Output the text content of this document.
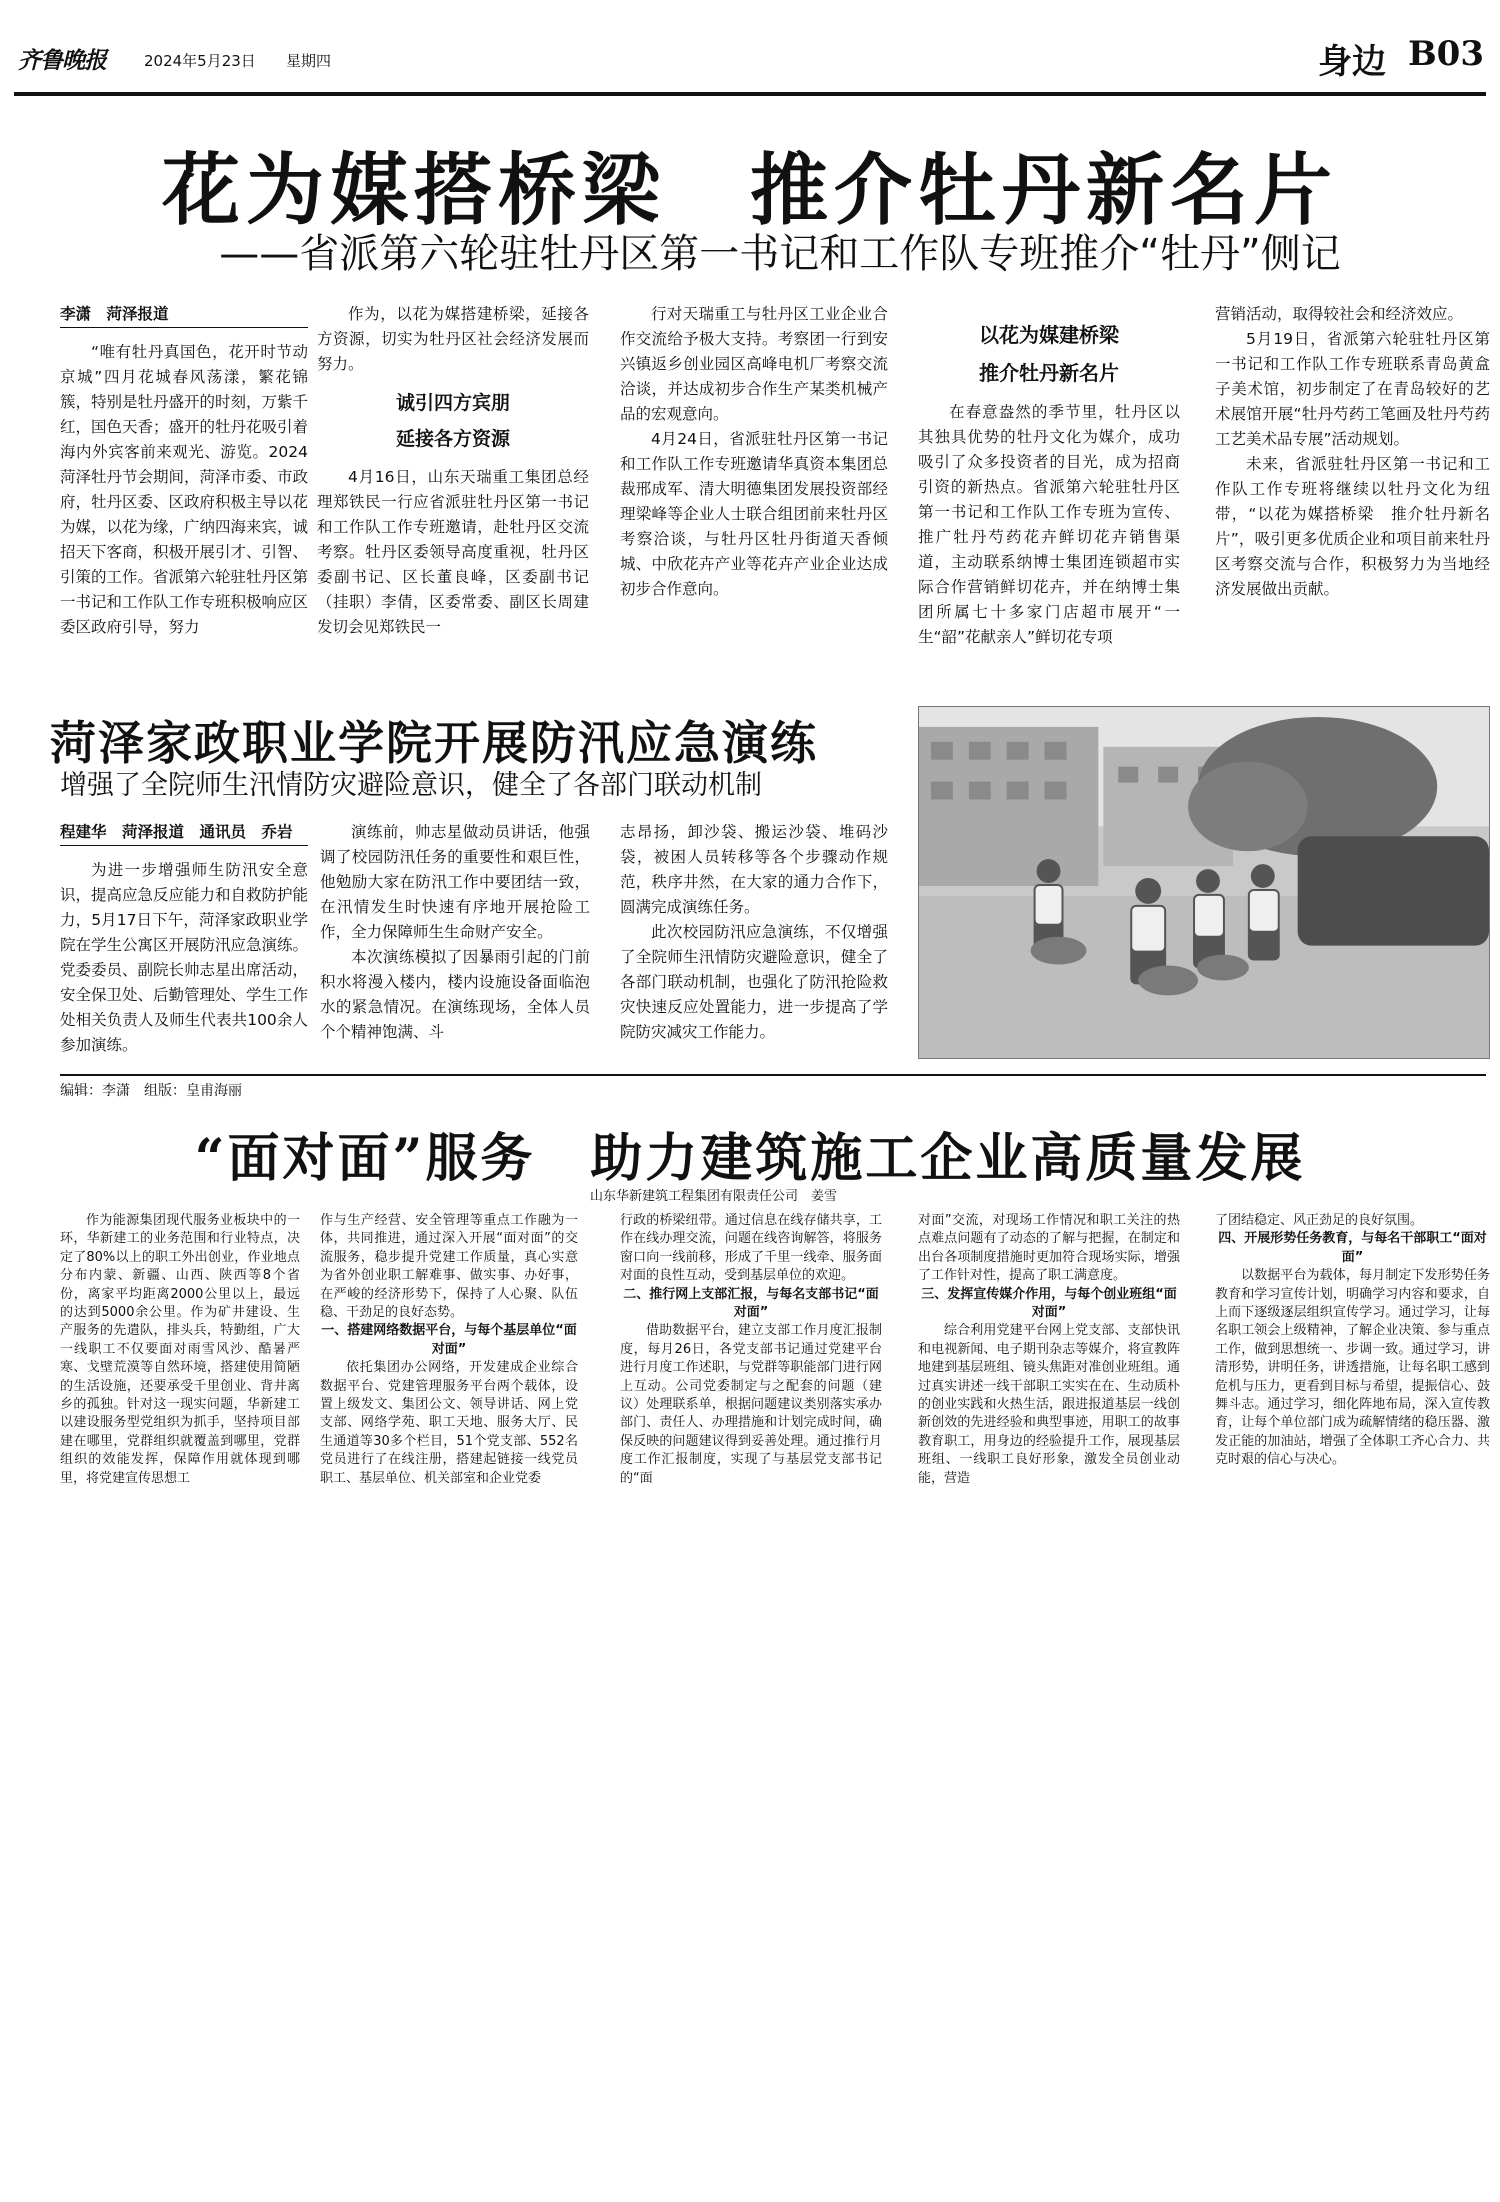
齐鲁晚报	2024年5月23日 星期四	身边 B03
花为媒搭桥梁　推介牡丹新名片
——省派第六轮驻牡丹区第一书记和工作队专班推介“牡丹”侧记

李潇　菏泽报道

“唯有牡丹真国色，花开时节动京城”四月花城春风荡漾，繁花锦簇，特别是牡丹盛开的时刻，万紫千红，国色天香；盛开的牡丹花吸引着海内外宾客前来观光、游览。2024菏泽牡丹节会期间，菏泽市委、市政府，牡丹区委、区政府积极主导以花为媒，以花为缘，广纳四海来宾，诚招天下客商，积极开展引才、引智、引策的工作。省派第六轮驻牡丹区第一书记和工作队工作专班积极响应区委区政府引导，努力

作为，以花为媒搭建桥梁，延接各方资源，切实为牡丹区社会经济发展而努力。

诚引四方宾朋
延接各方资源

4月16日，山东天瑞重工集团总经理郑铁民一行应省派驻牡丹区第一书记和工作队工作专班邀请，赴牡丹区交流考察。牡丹区委领导高度重视，牡丹区委副书记、区长董良峰，区委副书记（挂职）李倩，区委常委、副区长周建发切会见郑铁民一

行对天瑞重工与牡丹区工业企业合作交流给予极大支持。考察团一行到安兴镇返乡创业园区高峰电机厂考察交流洽谈，并达成初步合作生产某类机械产品的宏观意向。

4月24日，省派驻牡丹区第一书记和工作队工作专班邀请华真资本集团总裁邢成军、清大明德集团发展投资部经理梁峰等企业人士联合组团前来牡丹区考察洽谈，与牡丹区牡丹街道天香倾城、中欣花卉产业等花卉产业企业达成初步合作意向。

以花为媒建桥梁
推介牡丹新名片

在春意盎然的季节里，牡丹区以其独具优势的牡丹文化为媒介，成功吸引了众多投资者的目光，成为招商引资的新热点。省派第六轮驻牡丹区第一书记和工作队工作专班为宣传、推广牡丹芍药花卉鲜切花卉销售渠道，主动联系纳博士集团连锁超市实际合作营销鲜切花卉，并在纳博士集团所属七十多家门店超市展开“一生“韶”花献亲人”鲜切花专项

营销活动，取得较社会和经济效应。

5月19日，省派第六轮驻牡丹区第一书记和工作队工作专班联系青岛黄盒子美术馆，初步制定了在青岛较好的艺术展馆开展“牡丹芍药工笔画及牡丹芍药工艺美术品专展”活动规划。

未来，省派驻牡丹区第一书记和工作队工作专班将继续以牡丹文化为纽带，“以花为媒搭桥梁　推介牡丹新名片”，吸引更多优质企业和项目前来牡丹区考察交流与合作，积极努力为当地经济发展做出贡献。

菏泽家政职业学院开展防汛应急演练
增强了全院师生汛情防灾避险意识，健全了各部门联动机制

程建华　菏泽报道　通讯员　乔岩

为进一步增强师生防汛安全意识，提高应急反应能力和自救防护能力，5月17日下午，菏泽家政职业学院在学生公寓区开展防汛应急演练。党委委员、副院长帅志星出席活动，安全保卫处、后勤管理处、学生工作处相关负责人及师生代表共100余人参加演练。

演练前，帅志星做动员讲话，他强调了校园防汛任务的重要性和艰巨性，他勉励大家在防汛工作中要团结一致，在汛情发生时快速有序地开展抢险工作，全力保障师生生命财产安全。

本次演练模拟了因暴雨引起的门前积水将漫入楼内，楼内设施设备面临泡水的紧急情况。在演练现场，全体人员个个精神饱满、斗

志昂扬，卸沙袋、搬运沙袋、堆码沙袋，被困人员转移等各个步骤动作规范，秩序井然，在大家的通力合作下，圆满完成演练任务。

此次校园防汛应急演练，不仅增强了全院师生汛情防灾避险意识，健全了各部门联动机制，也强化了防汛抢险救灾快速反应处置能力，进一步提高了学院防灾减灾工作能力。

编辑：李潇　组版：皇甫海丽
“面对面”服务　助力建筑施工企业高质量发展
山东华新建筑工程集团有限责任公司　姜雪

作为能源集团现代服务业板块中的一环，华新建工的业务范围和行业特点，决定了80%以上的职工外出创业，作业地点分布内蒙、新疆、山西、陕西等8个省份，离家平均距离2000公里以上，最远的达到5000余公里。作为矿井建设、生产服务的先遣队，排头兵，特勤组，广大一线职工不仅要面对雨雪风沙、酷暑严寒、戈壁荒漠等自然环境，搭建使用简陋的生活设施，还要承受千里创业、背井离乡的孤独。针对这一现实问题，华新建工以建设服务型党组织为抓手，坚持项目部建在哪里，党群组织就覆盖到哪里，党群组织的效能发挥，保障作用就体现到哪里，将党建宣传思想工

作与生产经营、安全管理等重点工作融为一体，共同推进，通过深入开展“面对面”的交流服务，稳步提升党建工作质量，真心实意为省外创业职工解难事、做实事、办好事，在严峻的经济形势下，保持了人心聚、队伍稳、干劲足的良好态势。

一、搭建网络数据平台，与每个基层单位“面对面”

依托集团办公网络，开发建成企业综合数据平台、党建管理服务平台两个载体，设置上级发文、集团公文、领导讲话、网上党支部、网络学苑、职工天地、服务大厅、民生通道等30多个栏目，51个党支部、552名党员进行了在线注册，搭建起链接一线党员职工、基层单位、机关部室和企业党委

行政的桥梁纽带。通过信息在线存储共享，工作在线办理交流，问题在线咨询解答，将服务窗口向一线前移，形成了千里一线牵、服务面对面的良性互动，受到基层单位的欢迎。

二、推行网上支部汇报，与每名支部书记“面对面”

借助数据平台，建立支部工作月度汇报制度，每月26日，各党支部书记通过党建平台进行月度工作述职，与党群等职能部门进行网上互动。公司党委制定与之配套的问题（建议）处理联系单，根据问题建议类别落实承办部门、责任人、办理措施和计划完成时间，确保反映的问题建议得到妥善处理。通过推行月度工作汇报制度，实现了与基层党支部书记的“面

对面”交流，对现场工作情况和职工关注的热点难点问题有了动态的了解与把握，在制定和出台各项制度措施时更加符合现场实际，增强了工作针对性，提高了职工满意度。

三、发挥宣传媒介作用，与每个创业班组“面对面”

综合利用党建平台网上党支部、支部快讯和电视新闻、电子期刊杂志等媒介，将宣教阵地建到基层班组、镜头焦距对准创业班组。通过真实讲述一线干部职工实实在在、生动质朴的创业实践和火热生活，跟进报道基层一线创新创效的先进经验和典型事迹，用职工的故事教育职工，用身边的经验提升工作，展现基层班组、一线职工良好形象，激发全员创业动能，营造

了团结稳定、风正劲足的良好氛围。

四、开展形势任务教育，与每名干部职工“面对面”

以数据平台为载体，每月制定下发形势任务教育和学习宣传计划，明确学习内容和要求，自上而下逐级逐层组织宣传学习。通过学习，让每名职工领会上级精神，了解企业决策、参与重点工作，做到思想统一、步调一致。通过学习，讲清形势，讲明任务，讲透措施，让每名职工感到危机与压力，更看到目标与希望，提振信心、鼓舞斗志。通过学习，细化阵地布局，深入宣传教育，让每个单位部门成为疏解情绪的稳压器、激发正能的加油站，增强了全体职工齐心合力、共克时艰的信心与决心。
